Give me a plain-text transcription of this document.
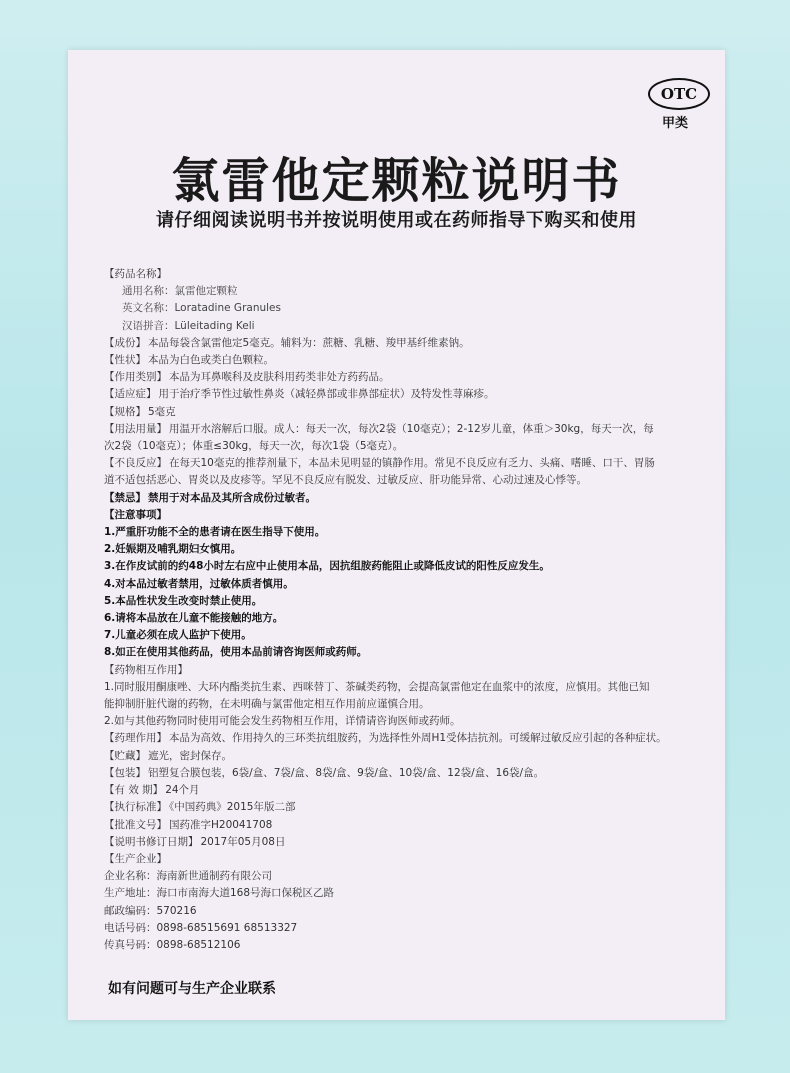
OTC
甲类
氯雷他定颗粒说明书
请仔细阅读说明书并按说明使用或在药师指导下购买和使用
【药品名称】
通用名称：氯雷他定颗粒
英文名称：Loratadine Granules
汉语拼音：Lüleitading Keli
【成份】 本品每袋含氯雷他定5毫克。辅料为：蔗糖、乳糖、羧甲基纤维素钠。
【性状】 本品为白色或类白色颗粒。
【作用类别】 本品为耳鼻喉科及皮肤科用药类非处方药药品。
【适应症】 用于治疗季节性过敏性鼻炎（减轻鼻部或非鼻部症状）及特发性荨麻疹。
【规格】 5毫克
【用法用量】 用温开水溶解后口服。成人：每天一次，每次2袋（10毫克）；2-12岁儿童，体重＞30kg，每天一次，每
次2袋（10毫克）；体重≤30kg，每天一次，每次1袋（5毫克）。
【不良反应】 在每天10毫克的推荐剂量下，本品未见明显的镇静作用。常见不良反应有乏力、头痛、嗜睡、口干、胃肠
道不适包括恶心、胃炎以及皮疹等。罕见不良反应有脱发、过敏反应、肝功能异常、心动过速及心悸等。
【禁忌】 禁用于对本品及其所含成份过敏者。
【注意事项】
1.严重肝功能不全的患者请在医生指导下使用。
2.妊娠期及哺乳期妇女慎用。
3.在作皮试前的约48小时左右应中止使用本品，因抗组胺药能阻止或降低皮试的阳性反应发生。
4.对本品过敏者禁用，过敏体质者慎用。
5.本品性状发生改变时禁止使用。
6.请将本品放在儿童不能接触的地方。
7.儿童必须在成人监护下使用。
8.如正在使用其他药品，使用本品前请咨询医师或药师。
【药物相互作用】
1.同时服用酮康唑、大环内酯类抗生素、西咪替丁、茶碱类药物，会提高氯雷他定在血浆中的浓度，应慎用。其他已知
能抑制肝脏代谢的药物，在未明确与氯雷他定相互作用前应谨慎合用。
2.如与其他药物同时使用可能会发生药物相互作用，详情请咨询医师或药师。
【药理作用】 本品为高效、作用持久的三环类抗组胺药，为选择性外周H1受体拮抗剂。可缓解过敏反应引起的各种症状。
【贮藏】 遮光，密封保存。
【包装】 铝塑复合膜包装，6袋/盒、7袋/盒、8袋/盒、9袋/盒、10袋/盒、12袋/盒、16袋/盒。
【有 效 期】 24个月
【执行标准】 《中国药典》2015年版二部
【批准文号】 国药准字H20041708
【说明书修订日期】 2017年05月08日
【生产企业】
企业名称：海南新世通制药有限公司
生产地址：海口市南海大道168号海口保税区乙路
邮政编码：570216
电话号码：0898-68515691 68513327
传真号码：0898-68512106
如有问题可与生产企业联系
